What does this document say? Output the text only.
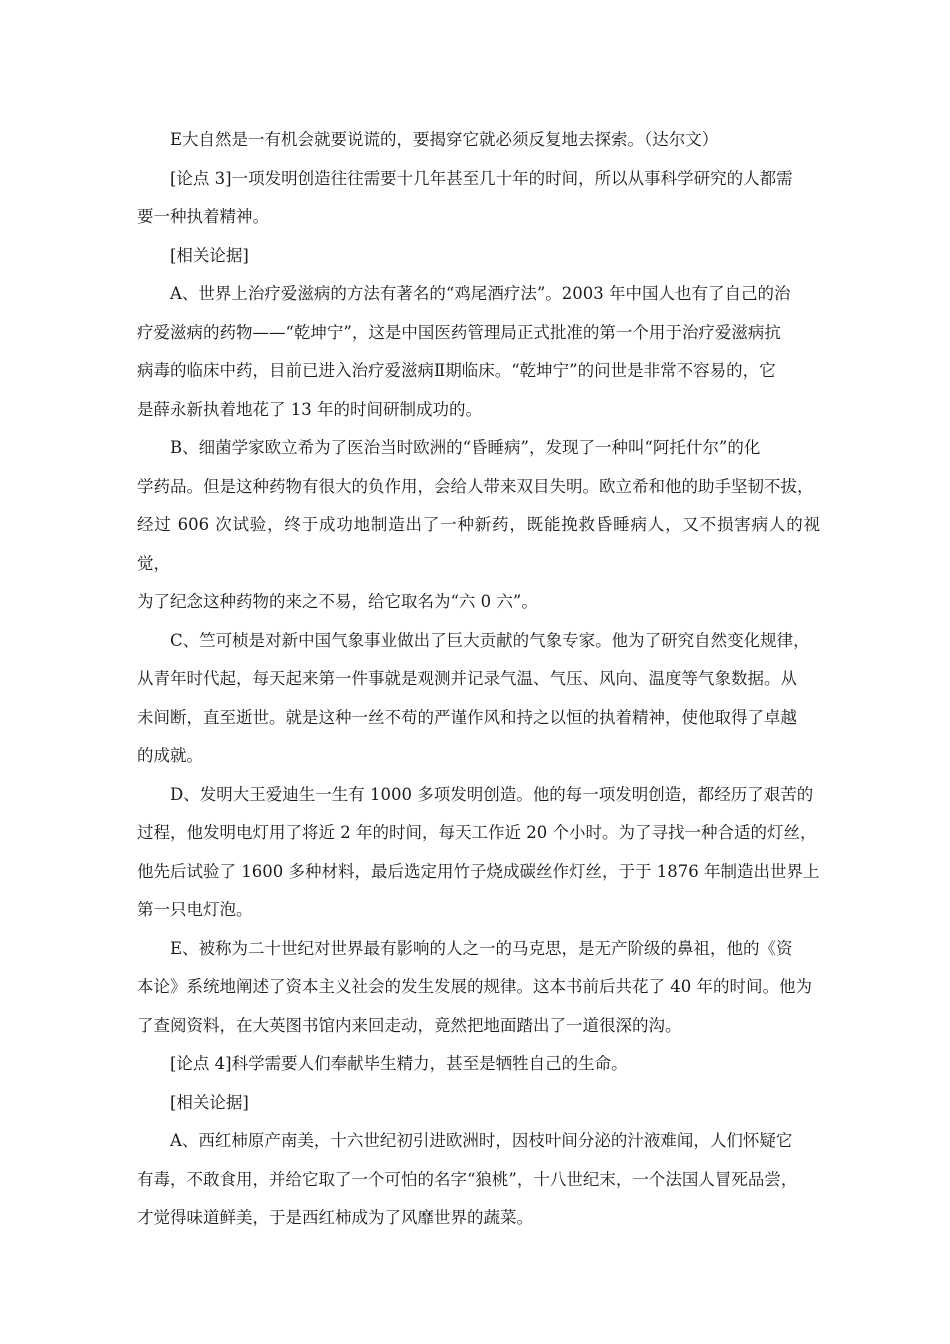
E大自然是一有机会就要说谎的，要揭穿它就必须反复地去探索。（达尔文）

[论点 3]一项发明创造往往需要十几年甚至几十年的时间，所以从事科学研究的人都需
要一种执着精神。

[相关论据]

A、世界上治疗爱滋病的方法有著名的“鸡尾酒疗法”。2003 年中国人也有了自己的治
疗爱滋病的药物——“乾坤宁”，这是中国医药管理局正式批准的第一个用于治疗爱滋病抗
病毒的临床中药，目前已进入治疗爱滋病Ⅱ期临床。“乾坤宁”的问世是非常不容易的，它
是薛永新执着地花了 13 年的时间研制成功的。

B、细菌学家欧立希为了医治当时欧洲的“昏睡病”，发现了一种叫“阿托什尔”的化
学药品。但是这种药物有很大的负作用，会给人带来双目失明。欧立希和他的助手坚韧不拔，
经过 606 次试验，终于成功地制造出了一种新药，既能挽救昏睡病人，又不损害病人的视觉，
为了纪念这种药物的来之不易，给它取名为“六 0 六”。

C、竺可桢是对新中国气象事业做出了巨大贡献的气象专家。他为了研究自然变化规律，
从青年时代起，每天起来第一件事就是观测并记录气温、气压、风向、温度等气象数据。从
未间断，直至逝世。就是这种一丝不苟的严谨作风和持之以恒的执着精神，使他取得了卓越
的成就。

D、发明大王爱迪生一生有 1000 多项发明创造。他的每一项发明创造，都经历了艰苦的
过程，他发明电灯用了将近 2 年的时间，每天工作近 20 个小时。为了寻找一种合适的灯丝，
他先后试验了 1600 多种材料，最后选定用竹子烧成碳丝作灯丝，于于 1876 年制造出世界上
第一只电灯泡。

E、被称为二十世纪对世界最有影响的人之一的马克思，是无产阶级的鼻祖，他的《资
本论》系统地阐述了资本主义社会的发生发展的规律。这本书前后共花了 40 年的时间。他为
了查阅资料，在大英图书馆内来回走动，竟然把地面踏出了一道很深的沟。

[论点 4]科学需要人们奉献毕生精力，甚至是牺牲自己的生命。

[相关论据]

A、西红柿原产南美，十六世纪初引进欧洲时，因枝叶间分泌的汁液难闻，人们怀疑它
有毒，不敢食用，并给它取了一个可怕的名字“狼桃”，十八世纪末，一个法国人冒死品尝，
才觉得味道鲜美，于是西红柿成为了风靡世界的蔬菜。
